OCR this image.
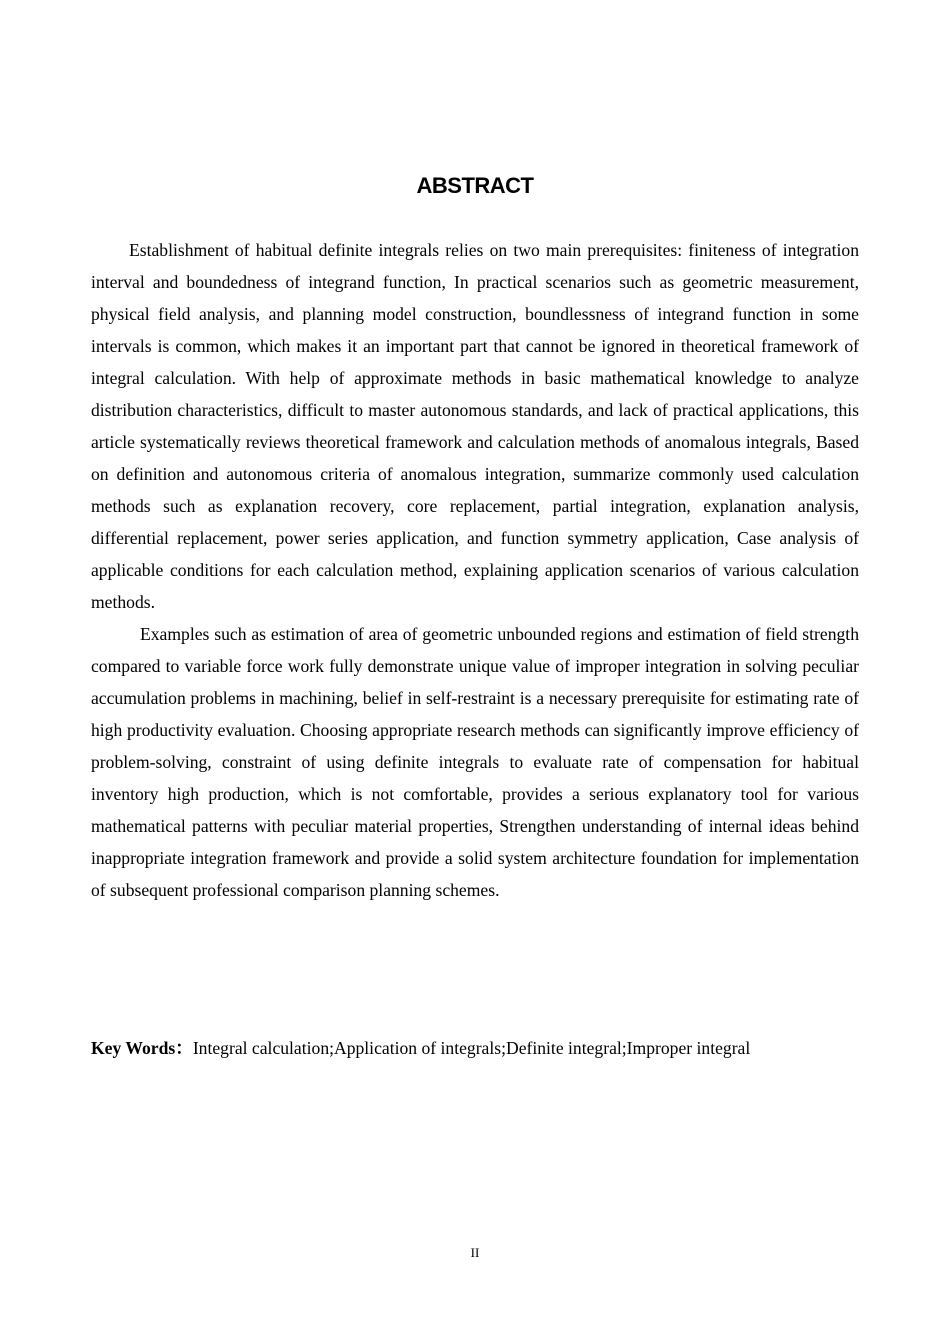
ABSTRACT

Establishment of habitual definite integrals relies on two main prerequisites: finiteness of integration interval and boundedness of integrand function, In practical scenarios such as geometric measurement, physical field analysis, and planning model construction, boundlessness of integrand function in some intervals is common, which makes it an important part that cannot be ignored in theoretical framework of integral calculation. With help of approximate methods in basic mathematical knowledge to analyze distribution characteristics, difficult to master autonomous standards, and lack of practical applications, this article systematically reviews theoretical framework and calculation methods of anomalous integrals, Based on definition and autonomous criteria of anomalous integration, summarize commonly used calculation methods such as explanation recovery, core replacement, partial integration, explanation analysis, differential replacement, power series application, and function symmetry application, Case analysis of applicable conditions for each calculation method, explaining application scenarios of various calculation methods.

Examples such as estimation of area of geometric unbounded regions and estimation of field strength compared to variable force work fully demonstrate unique value of improper integration in solving peculiar accumulation problems in machining, belief in self-restraint is a necessary prerequisite for estimating rate of high productivity evaluation. Choosing appropriate research methods can significantly improve efficiency of problem-solving, constraint of using definite integrals to evaluate rate of compensation for habitual inventory high production, which is not comfortable, provides a serious explanatory tool for various mathematical patterns with peculiar material properties, Strengthen understanding of internal ideas behind inappropriate integration framework and provide a solid system architecture foundation for implementation of subsequent professional comparison planning schemes.

Key Words：Integral calculation;Application of integrals;Definite integral;Improper integral

II
